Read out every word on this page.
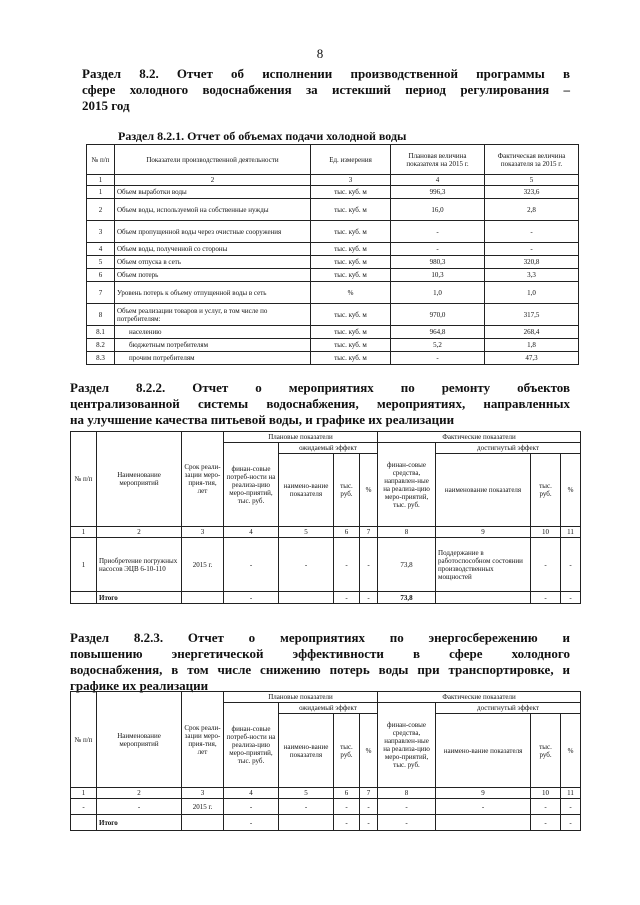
8
Раздел 8.2. Отчет об исполнении производственной программы в
сфере холодного водоснабжения за истекший период регулирования –
2015 год
Раздел 8.2.1. Отчет об объемах подачи холодной воды
№ п/п	Показатели производственной деятельности	Ед. измерения	Плановая величина показателя на 2015 г.	Фактическая величина показателя за 2015 г.
1	2	3	4	5
1	Объем выработки воды	тыс. куб. м	996,3	323,6
2	Объем воды, используемой на собственные нужды	тыс. куб. м	16,0	2,8
3	Объем пропущенной воды через очистные сооружения	тыс. куб. м	-	-
4	Объем воды, полученной со стороны	тыс. куб. м	-	-
5	Объем отпуска в сеть	тыс. куб. м	980,3	320,8
6	Объем потерь	тыс. куб. м	10,3	3,3
7	Уровень потерь к объему отпущенной воды в сеть	%	1,0	1,0
8	Объем реализации товаров и услуг, в том числе по потребителям:	тыс. куб. м	970,0	317,5
8.1	населению	тыс. куб. м	964,8	268,4
8.2	бюджетным потребителям	тыс. куб. м	5,2	1,8
8.3	прочим потребителям	тыс. куб. м	-	47,3
Раздел 8.2.2. Отчет о мероприятиях по ремонту объектов
централизованной системы водоснабжения, мероприятиях, направленных
на улучшение качества питьевой воды, и графике их реализации
№ п/п	Наименование мероприятий	Срок реали-зации меро-прия-тия, лет	Плановые показатели				Фактические показатели			
			финан-совые потреб-ности на реализа-цию меро-приятий, тыс. руб.	ожидаемый эффект			финан-совые средства, направлен-ные на реализа-цию меро-приятий, тыс. руб.	достигнутый эффект		
				наимено-вание показателя	тыс. руб.	%		наименование показателя	тыс. руб.	%
1	2	3	4	5	6	7	8	9	10	11
1	Приобретение погружных насосов ЭЦВ 6-10-110	2015 г.	-	-	-	-	73,8	Поддержание в работоспособном состоянии производственных мощностей	-	-
	Итого		-		-	-	73,8		-	-
Раздел 8.2.3. Отчет о мероприятиях по энергосбережению и
повышению энергетической эффективности в сфере холодного
водоснабжения, в том числе снижению потерь воды при транспортировке, и
графике их реализации
№ п/п	Наименование мероприятий	Срок реали-зации меро-прия-тия, лет	Плановые показатели				Фактические показатели			
			финан-совые потреб-ности на реализа-цию меро-приятий, тыс. руб.	ожидаемый эффект			финан-совые средства, направлен-ные на реализа-цию меро-приятий, тыс. руб.	достигнутый эффект		
				наимено-вание показателя	тыс. руб.	%		наимено-вание показателя	тыс. руб.	%
1	2	3	4	5	6	7	8	9	10	11
-	-	2015 г.	-	-	-	-	-	-	-	-
	Итого		-		-	-	-		-	-
